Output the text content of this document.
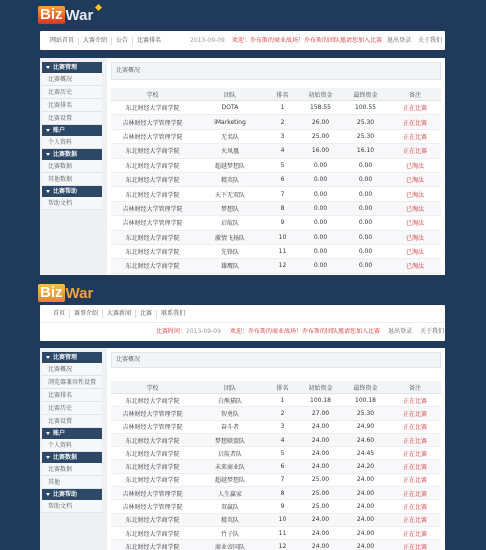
Biz War
网站首页	大赛介绍	公告	比赛排名	2013-09-09 欢迎：乔布斯的商业战场！乔布斯的团队邀请您加入比赛 退出登录 关于我们
比赛管理
比赛概况
比赛历史
比赛排名
比赛设置
账户
个人资料
比赛数据
比赛数据
其他数据
比赛帮助
帮助文档
比赛概况
学校	团队	排名	初始资金	最终资金	备注
东北财经大学商学院	DOTA	1	158.55	100.55	正在比赛
吉林财经大学管理学院	iMarketing	2	26.00	25.30	正在比赛
吉林财经大学管理学院	无名队	3	25.00	25.30	正在比赛
东北财经大学商学院	火凤凰	4	16.00	16.10	正在比赛
东北财经大学商学院	超越梦想队	5	0.00	0.00	已淘汰
东北财经大学商学院	精英队	6	0.00	0.00	已淘汰
东北财经大学商学院	天下无双队	7	0.00	0.00	已淘汰
吉林财经大学管理学院	梦想队	8	0.00	0.00	已淘汰
吉林财经大学管理学院	启航队	9	0.00	0.00	已淘汰
东北财经大学商学院	激情飞扬队	10	0.00	0.00	已淘汰
东北财经大学商学院	先锋队	11	0.00	0.00	已淘汰
东北财经大学商学院	雄鹰队	12	0.00	0.00	已淘汰
Biz War
首页	赛事介绍	大赛新闻	比赛	联系我们
比赛时间： 2013-09-09 欢迎：乔布斯的商业战场！乔布斯的团队邀请您加入比赛	退出登录 关于我们
比赛管理
比赛概况
浏览器兼容性设置
比赛排名
比赛历史
比赛设置
账户
个人资料
比赛数据
比赛数据
其他
比赛帮助
帮助文档
比赛概况
学校	团队	排名	初始资金	最终资金	备注
东北财经大学商学院	白熊猫队	1	100.18	100.18	正在比赛
吉林财经大学管理学院	智勇队	2	27.00	25.30	正在比赛
吉林财经大学管理学院	奋斗者	3	24.00	24.90	正在比赛
东北财经大学商学院	梦想联盟队	4	24.00	24.60	正在比赛
东北财经大学商学院	启航者队	5	24.00	24.45	正在比赛
东北财经大学商学院	未来商业队	6	24.00	24.20	正在比赛
东北财经大学商学院	超越梦想队	7	25.00	24.00	正在比赛
吉林财经大学管理学院	人生赢家	8	25.00	24.00	正在比赛
吉林财经大学管理学院	双赢队	9	25.00	24.00	正在比赛
东北财经大学商学院	精英队	10	24.00	24.00	正在比赛
东北财经大学商学院	竹子队	11	24.00	24.00	正在比赛
东北财经大学商学院	商业帝国队	12	24.00	24.00	正在比赛
